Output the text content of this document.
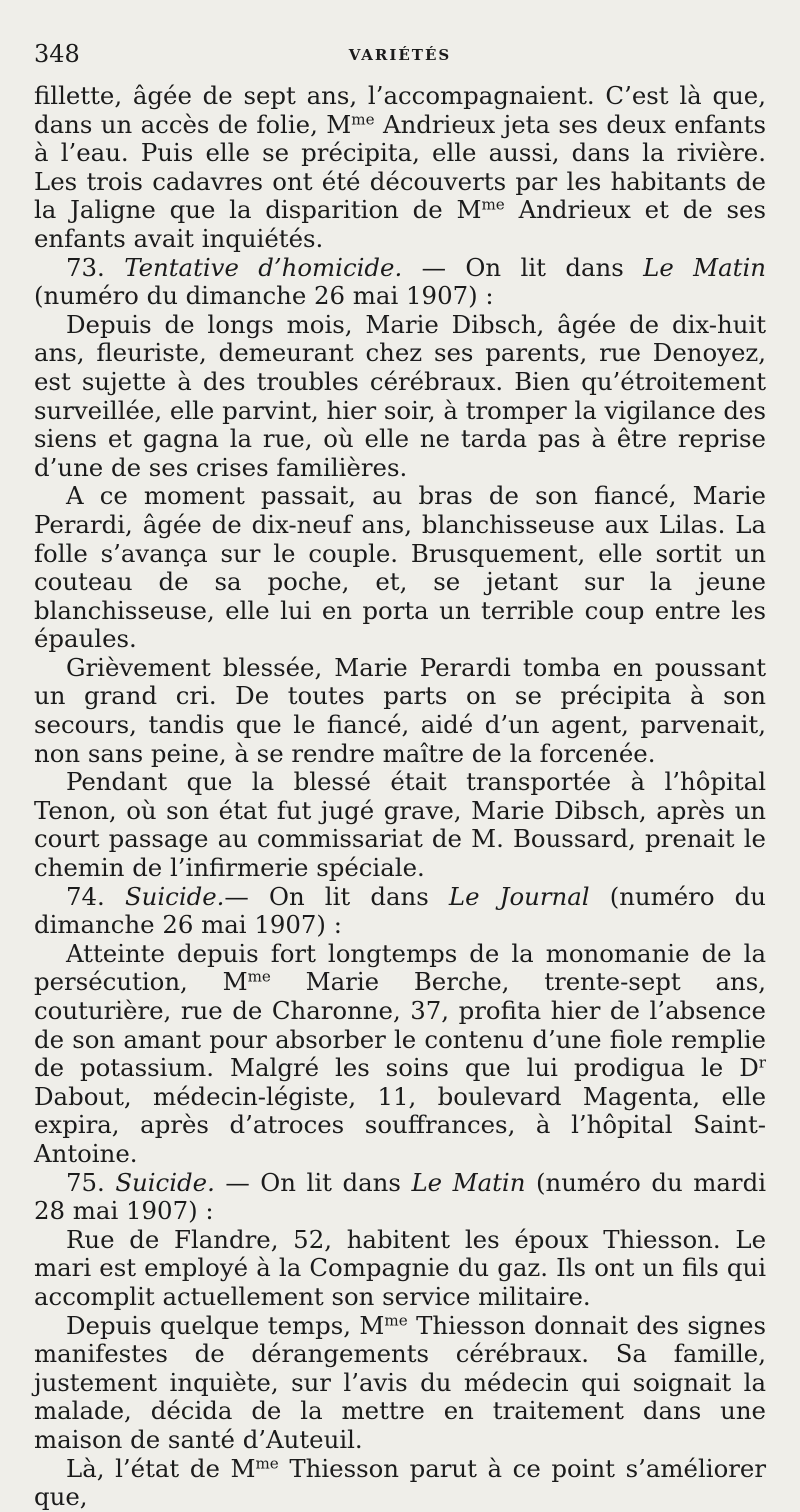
348	VARIÉTÉS

fillette, âgée de sept ans, l’accompagnaient. C’est là que, dans un accès de folie, $M^{me}$ Andrieux jeta ses deux enfants à l’eau. Puis elle se précipita, elle aussi, dans la rivière. Les trois cadavres ont été découverts par les habitants de la Jaligne que la disparition de $M^{me}$ Andrieux et de ses enfants avait inquiétés.

73. Tentative d’homicide. — On lit dans Le Matin (numéro du dimanche 26 mai 1907) :

Depuis de longs mois, Marie Dibsch, âgée de dix-huit ans, fleuriste, demeurant chez ses parents, rue Denoyez, est sujette à des troubles cérébraux. Bien qu’étroitement surveillée, elle parvint, hier soir, à tromper la vigilance des siens et gagna la rue, où elle ne tarda pas à être reprise d’une de ses crises familières.

A ce moment passait, au bras de son fiancé, Marie Perardi, âgée de dix-neuf ans, blanchisseuse aux Lilas. La folle s’avança sur le couple. Brusquement, elle sortit un couteau de sa poche, et, se jetant sur la jeune blanchisseuse, elle lui en porta un terrible coup entre les épaules.

Grièvement blessée, Marie Perardi tomba en poussant un grand cri. De toutes parts on se précipita à son secours, tandis que le fiancé, aidé d’un agent, parvenait, non sans peine, à se rendre maître de la forcenée.

Pendant que la blessé était transportée à l’hôpital Tenon, où son état fut jugé grave, Marie Dibsch, après un court passage au commissariat de M. Boussard, prenait le chemin de l’infirmerie spéciale.

74. Suicide.— On lit dans Le Journal (numéro du dimanche 26 mai 1907) :

Atteinte depuis fort longtemps de la monomanie de la persécution, $M^{me}$ Marie Berche, trente-sept ans, couturière, rue de Charonne, 37, profita hier de l’absence de son amant pour absorber le contenu d’une fiole remplie de potassium. Malgré les soins que lui prodigua le $D^r$ Dabout, médecin-légiste, 11, boulevard Magenta, elle expira, après d’atroces souffrances, à l’hôpital Saint-Antoine.

75. Suicide. — On lit dans Le Matin (numéro du mardi 28 mai 1907) :

Rue de Flandre, 52, habitent les époux Thiesson. Le mari est employé à la Compagnie du gaz. Ils ont un fils qui accomplit actuellement son service militaire.

Depuis quelque temps, $M^{me}$ Thiesson donnait des signes manifestes de dérangements cérébraux. Sa famille, justement inquiète, sur l’avis du médecin qui soignait la malade, décida de la mettre en traitement dans une maison de santé d’Auteuil.

Là, l’état de $M^{me}$ Thiesson parut à ce point s’améliorer que,
